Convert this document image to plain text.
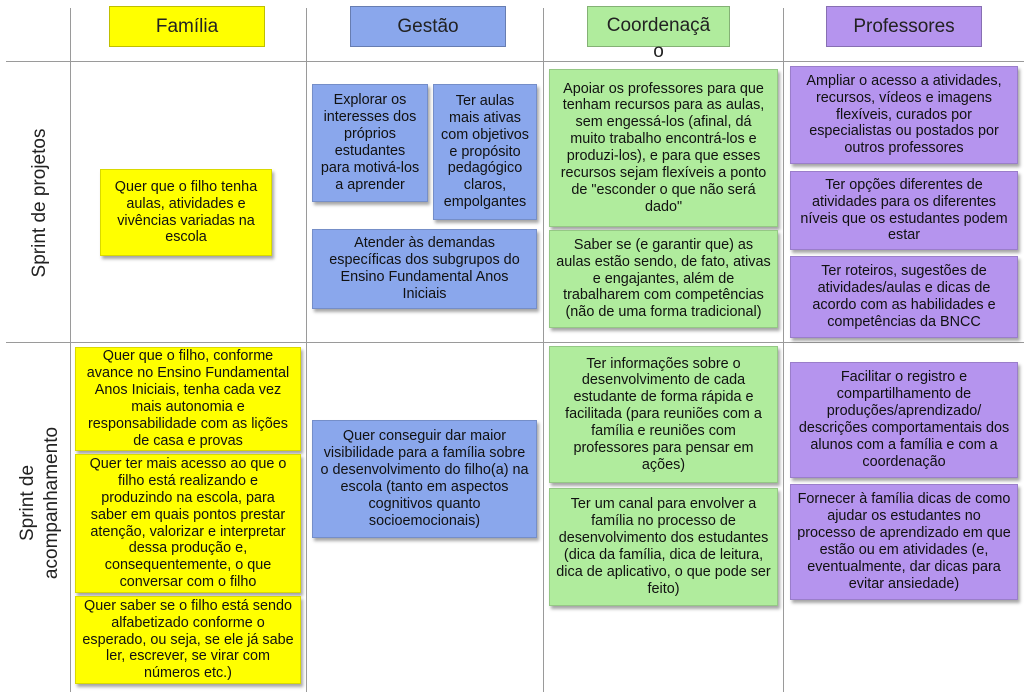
Família	Gestão	Coordenaçã
o
Professores
Sprint de projetos
Sprint de
acompanhamento
Quer que o filho tenha aulas, atividades e vivências variadas na escola
Explorar os interesses dos próprios estudantes para motivá-los a aprender
Ter aulas mais ativas com objetivos e propósito pedagógico claros, empolgantes
Atender às demandas específicas dos subgrupos do Ensino Fundamental Anos Iniciais
Apoiar os professores para que tenham recursos para as aulas, sem engessá-los (afinal, dá muito trabalho encontrá-los e produzi-los), e para que esses recursos sejam flexíveis a ponto de "esconder o que não será dado"
Saber se (e garantir que) as aulas estão sendo, de fato, ativas e engajantes, além de trabalharem com competências (não de uma forma tradicional)
Ampliar o acesso a atividades, recursos, vídeos e imagens flexíveis, curados por especialistas ou postados por outros professores
Ter opções diferentes de atividades para os diferentes níveis que os estudantes podem estar
Ter roteiros, sugestões de atividades/aulas e dicas de acordo com as habilidades e competências da BNCC
Quer que o filho, conforme avance no Ensino Fundamental Anos Iniciais, tenha cada vez mais autonomia e responsabilidade com as lições de casa e provas
Quer ter mais acesso ao que o filho está realizando e produzindo na escola, para saber em quais pontos prestar atenção, valorizar e interpretar dessa produção e, consequentemente, o que conversar com o filho
Quer saber se o filho está sendo alfabetizado conforme o esperado, ou seja, se ele já sabe ler, escrever, se virar com números etc.)
Quer conseguir dar maior visibilidade para a família sobre o desenvolvimento do filho(a) na escola (tanto em aspectos cognitivos quanto socioemocionais)
Ter informações sobre o desenvolvimento de cada estudante de forma rápida e facilitada (para reuniões com a família e reuniões com professores para pensar em ações)
Ter um canal para envolver a família no processo de desenvolvimento dos estudantes (dica da família, dica de leitura, dica de aplicativo, o que pode ser feito)
Facilitar o registro e compartilhamento de produções/aprendizado/ descrições comportamentais dos alunos com a família e com a coordenação
Fornecer à família dicas de como ajudar os estudantes no processo de aprendizado em que estão ou em atividades (e, eventualmente, dar dicas para evitar ansiedade)
